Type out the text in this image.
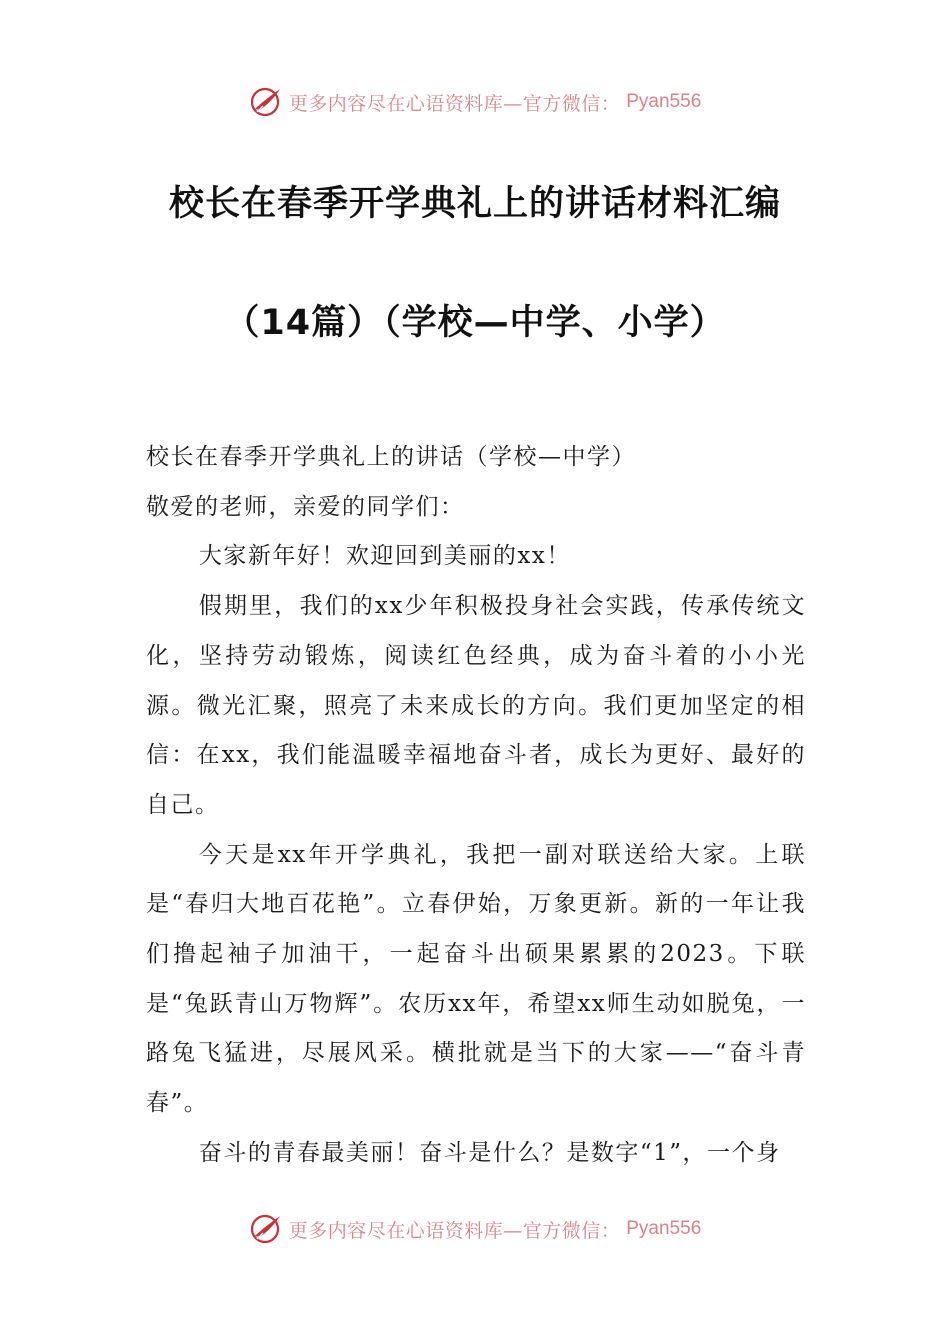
更多内容尽在心语资料库—官方微信： Pyan556
校长在春季开学典礼上的讲话材料汇编
（14篇）（学校—中学、小学）

校长在春季开学典礼上的讲话（学校—中学）

敬爱的老师，亲爱的同学们：

大家新年好！欢迎回到美丽的xx！

假期里，我们的xx少年积极投身社会实践，传承传统文化，坚持劳动锻炼，阅读红色经典，成为奋斗着的小小光源。微光汇聚，照亮了未来成长的方向。我们更加坚定的相信：在xx，我们能温暖幸福地奋斗者，成长为更好、最好的自己。

今天是xx年开学典礼，我把一副对联送给大家。上联是“春归大地百花艳”。立春伊始，万象更新。新的一年让我们撸起袖子加油干，一起奋斗出硕果累累的2023。下联是“兔跃青山万物辉”。农历xx年，希望xx师生动如脱兔，一路兔飞猛进，尽展风采。横批就是当下的大家——“奋斗青春”。

奋斗的青春最美丽！奋斗是什么？是数字“1”，一个身

更多内容尽在心语资料库—官方微信： Pyan556
